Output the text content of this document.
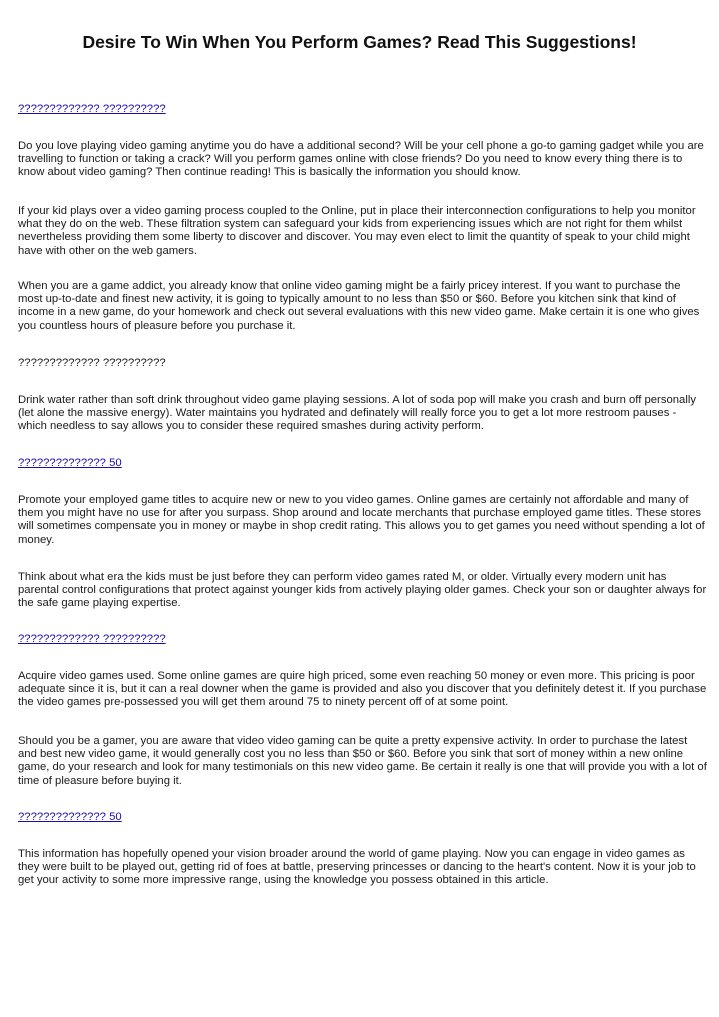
Desire To Win When You Perform Games? Read This Suggestions!
????????????? ??????????

Do you love playing video gaming anytime you do have a additional second? Will be your cell phone a go-to gaming gadget while you are travelling to function or taking a crack? Will you perform games online with close friends? Do you need to know every thing there is to know about video gaming? Then continue reading! This is basically the information you should know.

If your kid plays over a video gaming process coupled to the Online, put in place their interconnection configurations to help you monitor what they do on the web. These filtration system can safeguard your kids from experiencing issues which are not right for them whilst nevertheless providing them some liberty to discover and discover. You may even elect to limit the quantity of speak to your child might have with other on the web gamers.

When you are a game addict, you already know that online video gaming might be a fairly pricey interest. If you want to purchase the most up-to-date and finest new activity, it is going to typically amount to no less than $50 or $60. Before you kitchen sink that kind of income in a new game, do your homework and check out several evaluations with this new video game. Make certain it is one who gives you countless hours of pleasure before you purchase it.

????????????? ??????????

Drink water rather than soft drink throughout video game playing sessions. A lot of soda pop will make you crash and burn off personally (let alone the massive energy). Water maintains you hydrated and definately will really force you to get a lot more restroom pauses - which needless to say allows you to consider these required smashes during activity perform.

?????????????? 50

Promote your employed game titles to acquire new or new to you video games. Online games are certainly not affordable and many of them you might have no use for after you surpass. Shop around and locate merchants that purchase employed game titles. These stores will sometimes compensate you in money or maybe in shop credit rating. This allows you to get games you need without spending a lot of money.

Think about what era the kids must be just before they can perform video games rated M, or older. Virtually every modern unit has parental control configurations that protect against younger kids from actively playing older games. Check your son or daughter always for the safe game playing expertise.

????????????? ??????????

Acquire video games used. Some online games are quire high priced, some even reaching 50 money or even more. This pricing is poor adequate since it is, but it can a real downer when the game is provided and also you discover that you definitely detest it. If you purchase the video games pre-possessed you will get them around 75 to ninety percent off of at some point.

Should you be a gamer, you are aware that video video gaming can be quite a pretty expensive activity. In order to purchase the latest and best new video game, it would generally cost you no less than $50 or $60. Before you sink that sort of money within a new online game, do your research and look for many testimonials on this new video game. Be certain it really is one that will provide you with a lot of time of pleasure before buying it.

?????????????? 50

This information has hopefully opened your vision broader around the world of game playing. Now you can engage in video games as they were built to be played out, getting rid of foes at battle, preserving princesses or dancing to the heart's content. Now it is your job to get your activity to some more impressive range, using the knowledge you possess obtained in this article.
